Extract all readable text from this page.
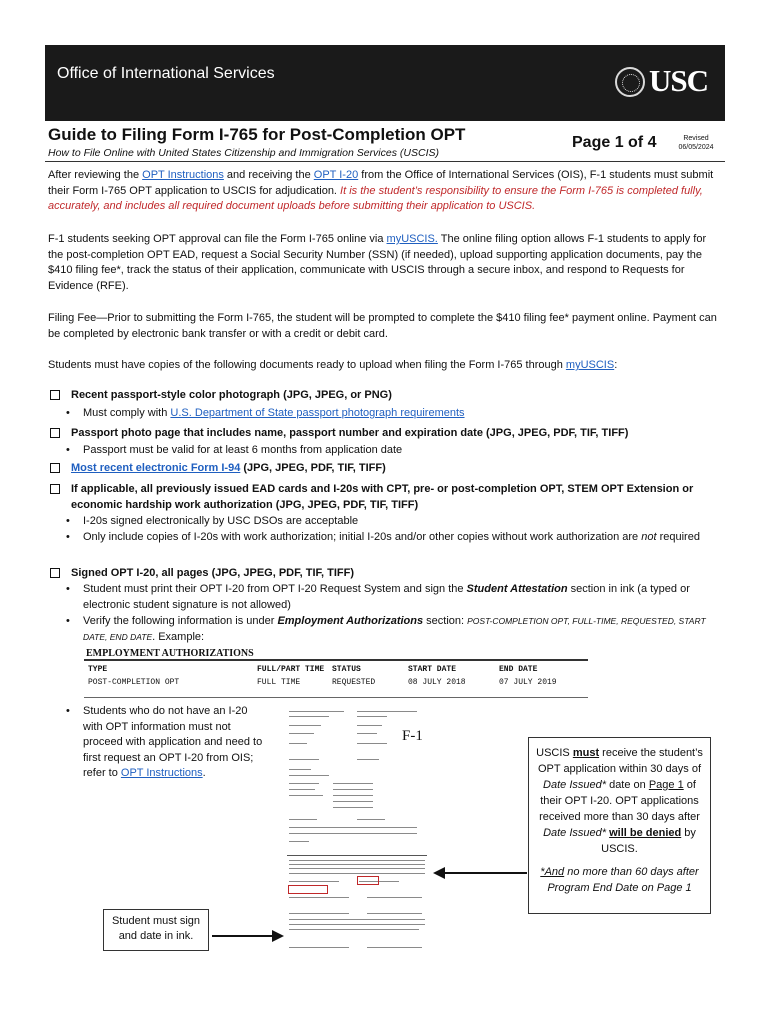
Office of International Services	USC
Guide to Filing Form I-765 for Post-Completion OPT
How to File Online with United States Citizenship and Immigration Services (USCIS)
Page 1 of 4	Revised
06/05/2024
After reviewing the OPT Instructions and receiving the OPT I-20 from the Office of International Services (OIS), F-1 students must submit their Form I-765 OPT application to USCIS for adjudication. It is the student’s responsibility to ensure the Form I-765 is completed fully, accurately, and includes all required document uploads before submitting their application to USCIS.
F-1 students seeking OPT approval can file the Form I-765 online via myUSCIS. The online filing option allows F-1 students to apply for the post-completion OPT EAD, request a Social Security Number (SSN) (if needed), upload supporting application documents, pay the $410 filing fee*, track the status of their application, communicate with USCIS through a secure inbox, and respond to Requests for Evidence (RFE).
Filing Fee—Prior to submitting the Form I-765, the student will be prompted to complete the $410 filing fee* payment online. Payment can be completed by electronic bank transfer or with a credit or debit card.
Students must have copies of the following documents ready to upload when filing the Form I-765 through myUSCIS:
Recent passport-style color photograph (JPG, JPEG, or PNG)
• Must comply with U.S. Department of State passport photograph requirements
Passport photo page that includes name, passport number and expiration date (JPG, JPEG, PDF, TIF, TIFF)
• Passport must be valid for at least 6 months from application date
Most recent electronic Form I-94 (JPG, JPEG, PDF, TIF, TIFF)
If applicable, all previously issued EAD cards and I-20s with CPT, pre- or post-completion OPT, STEM OPT Extension or economic hardship work authorization (JPG, JPEG, PDF, TIF, TIFF)
• I-20s signed electronically by USC DSOs are acceptable
• Only include copies of I-20s with work authorization; initial I-20s and/or other copies without work authorization are not required
Signed OPT I-20, all pages (JPG, JPEG, PDF, TIF, TIFF)
• Student must print their OPT I-20 from OPT I-20 Request System and sign the Student Attestation section in ink (a typed or electronic student signature is not allowed)
• Verify the following information is under Employment Authorizations section: POST-COMPLETION OPT, FULL-TIME, REQUESTED, START DATE, END DATE. Example:
EMPLOYMENT AUTHORIZATIONS
TYPE	FULL/PART TIME STATUS	START DATE	END DATE
POST-COMPLETION OPT	FULL TIME	REQUESTED	08 JULY 2018	07 JULY 2019
• Students who do not have an I-20 with OPT information must not proceed with application and need to first request an OPT I-20 from OIS; refer to OPT Instructions.
F-1

USCIS must receive the student’s OPT application within 30 days of Date Issued* date on Page 1 of their OPT I-20. OPT applications received more than 30 days after Date Issued* will be denied by USCIS.

*And no more than 60 days after Program End Date on Page 1

Student must sign and date in ink.
